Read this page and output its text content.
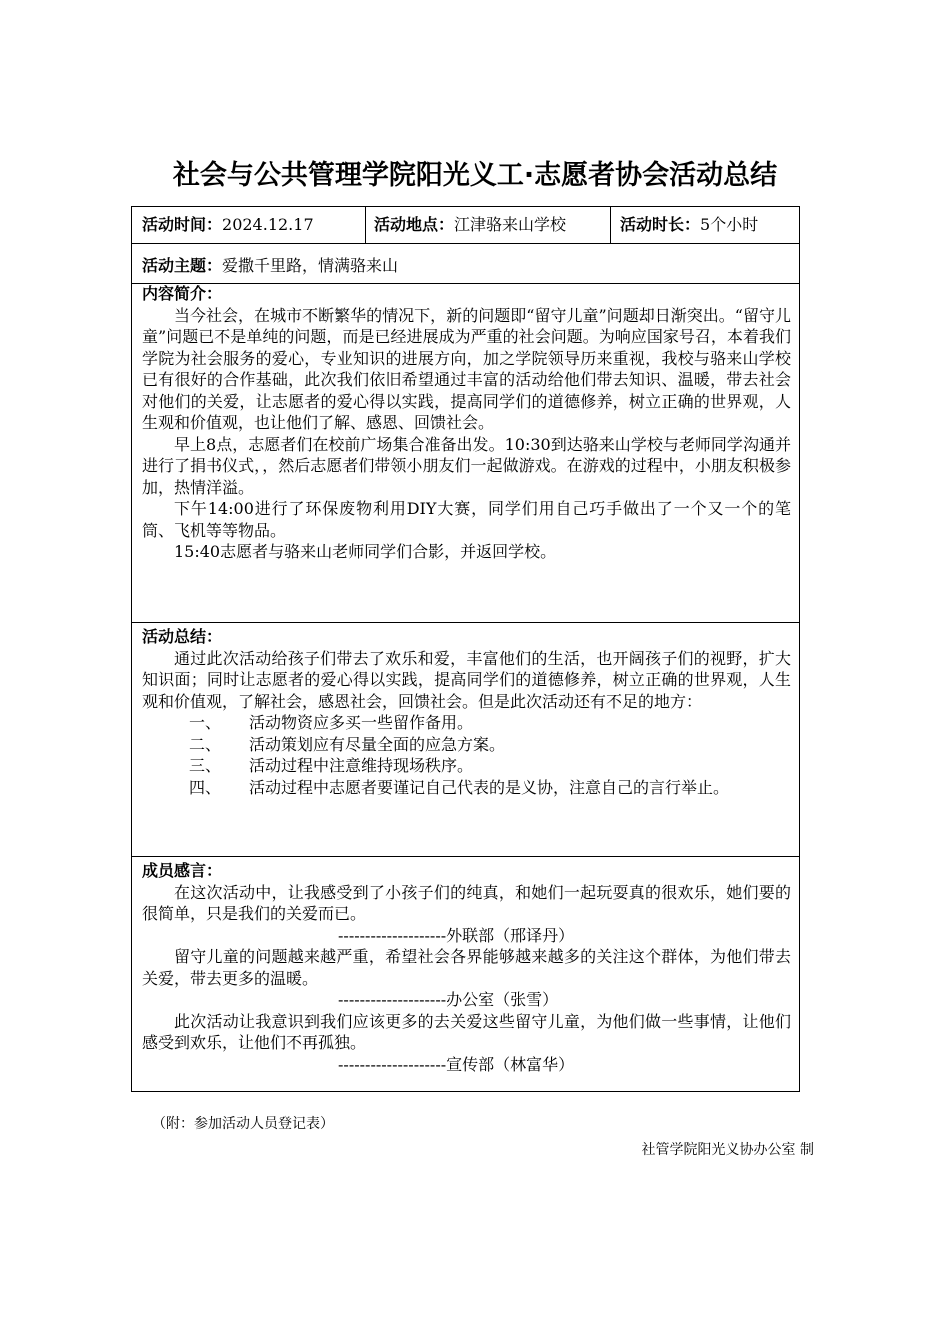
社会与公共管理学院阳光义工·志愿者协会活动总结
活动时间：2024.12.17	活动地点：江津骆来山学校	活动时长：5个小时
活动主题：爱撒千里路，情满骆来山
内容简介：

当今社会，在城市不断繁华的情况下，新的问题即“留守儿童”问题却日渐突出。“留守儿童”问题已不是单纯的问题，而是已经进展成为严重的社会问题。为响应国家号召，本着我们学院为社会服务的爱心，专业知识的进展方向，加之学院领导历来重视，我校与骆来山学校已有很好的合作基础，此次我们依旧希望通过丰富的活动给他们带去知识、温暖，带去社会对他们的关爱，让志愿者的爱心得以实践，提高同学们的道德修养，树立正确的世界观，人生观和价值观，也让他们了解、感恩、回馈社会。

早上8点，志愿者们在校前广场集合准备出发。10:30到达骆来山学校与老师同学沟通并进行了捐书仪式，，然后志愿者们带领小朋友们一起做游戏。在游戏的过程中，小朋友积极参加，热情洋溢。

下午14:00进行了环保废物利用DIY大赛，同学们用自己巧手做出了一个又一个的笔筒、飞机等等物品。

15:40志愿者与骆来山老师同学们合影，并返回学校。

活动总结：

通过此次活动给孩子们带去了欢乐和爱，丰富他们的生活，也开阔孩子们的视野，扩大知识面；同时让志愿者的爱心得以实践，提高同学们的道德修养，树立正确的世界观，人生观和价值观，了解社会，感恩社会，回馈社会。但是此次活动还有不足的地方：

一、 活动物资应多买一些留作备用。

二、 活动策划应有尽量全面的应急方案。

三、 活动过程中注意维持现场秩序。

四、 活动过程中志愿者要谨记自己代表的是义协，注意自己的言行举止。

成员感言：

在这次活动中，让我感受到了小孩子们的纯真，和她们一起玩耍真的很欢乐，她们要的很简单，只是我们的关爱而已。

--------------------外联部（邢译丹）

留守儿童的问题越来越严重，希望社会各界能够越来越多的关注这个群体，为他们带去关爱，带去更多的温暖。

--------------------办公室（张雪）

此次活动让我意识到我们应该更多的去关爱这些留守儿童，为他们做一些事情，让他们感受到欢乐，让他们不再孤独。

--------------------宣传部（林富华）

（附：参加活动人员登记表）
社管学院阳光义协办公室 制
